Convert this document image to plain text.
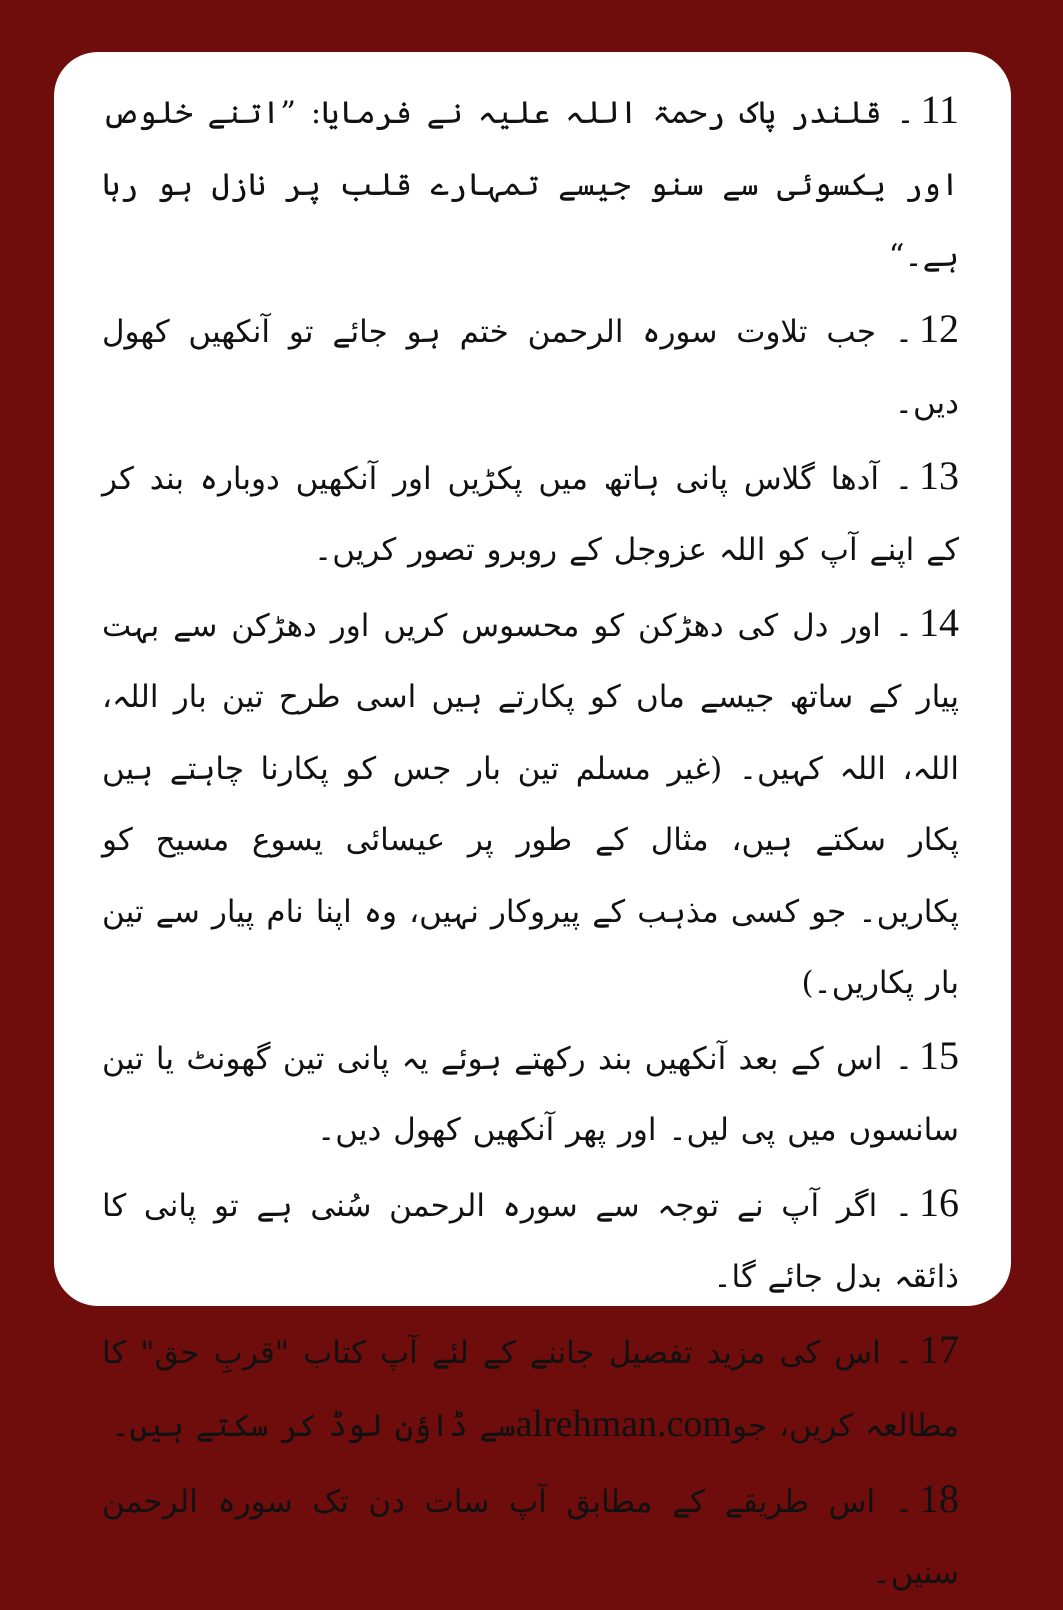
11۔ قلندر پاک رحمۃ اللہ علیہ نے فرمایا: ”اتنے خلوص اور یکسوئی سے سنو جیسے تمہارے قلب پر نازل ہو رہا ہے۔“

12۔ جب تلاوت سورہ الرحمن ختم ہو جائے تو آنکھیں کھول دیں۔

13۔ آدھا گلاس پانی ہاتھ میں پکڑیں اور آنکھیں دوبارہ بند کر کے اپنے آپ کو اللہ عزوجل کے روبرو تصور کریں۔

14۔ اور دل کی دھڑکن کو محسوس کریں اور دھڑکن سے بہت پیار کے ساتھ جیسے ماں کو پکارتے ہیں اسی طرح تین بار اللہ، اللہ، اللہ کہیں۔ (غیر مسلم تین بار جس کو پکارنا چاہتے ہیں پکار سکتے ہیں، مثال کے طور پر عیسائی یسوع مسیح کو پکاریں۔ جو کسی مذہب کے پیروکار نہیں، وہ اپنا نام پیار سے تین بار پکاریں۔)

15۔ اس کے بعد آنکھیں بند رکھتے ہوئے یہ پانی تین گھونٹ یا تین سانسوں میں پی لیں۔ اور پھر آنکھیں کھول دیں۔

16۔ اگر آپ نے توجہ سے سورہ الرحمن سُنی ہے تو پانی کا ذائقہ بدل جائے گا۔

17۔ اس کی مزید تفصیل جاننے کے لئے آپ کتاب "قربِ حق" کا مطالعہ کریں، جوalrehman.comسے ڈاؤن لوڈ کر سکتے ہیں۔

18۔ اس طریقے کے مطابق آپ سات دن تک سورہ الرحمن سنیں۔
